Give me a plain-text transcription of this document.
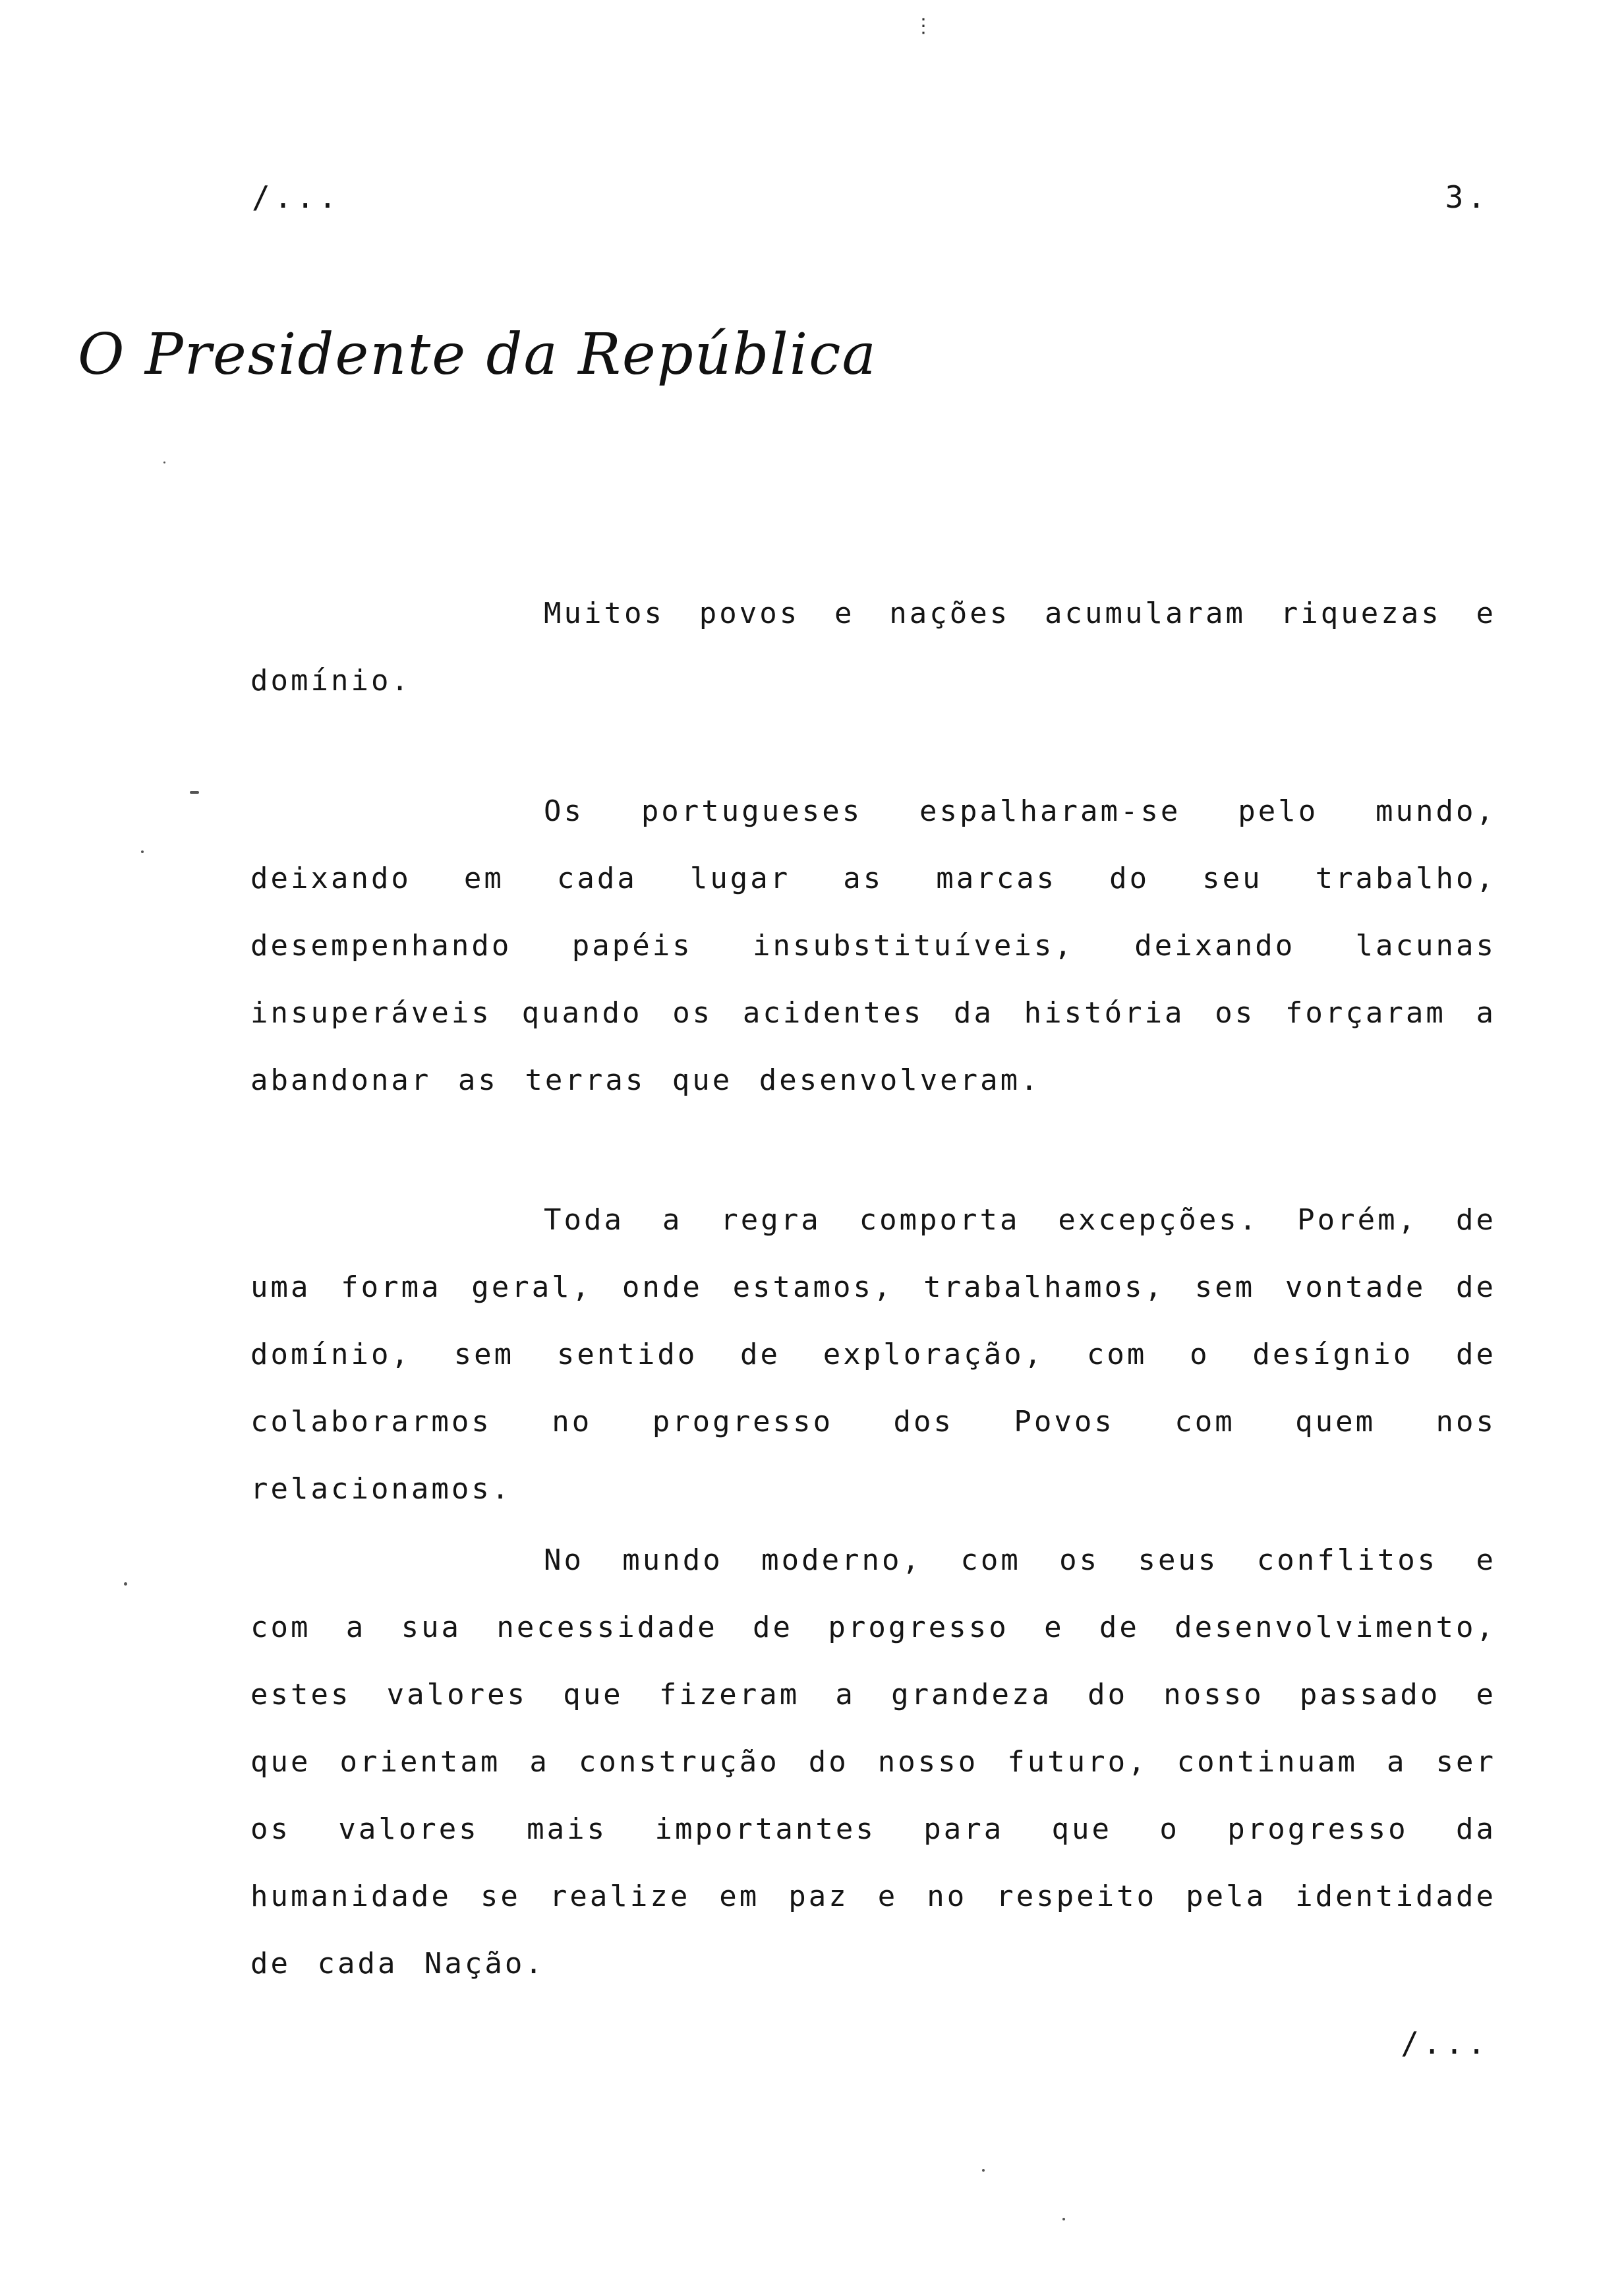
⋮
/...	3.
O Presidente da República

Muitos povos e nações acumularam riquezas e domínio.

Os portugueses espalharam-se pelo mundo, deixando em cada lugar as marcas do seu trabalho, desempenhando papéis insubstituíveis, deixando lacunas insuperáveis quando os acidentes da história os forçaram a abandonar as terras que desenvolveram.

Toda a regra comporta excepções. Porém, de uma forma geral, onde estamos, trabalhamos, sem vontade de domínio, sem sentido de exploração, com o desígnio de colaborarmos no progresso dos Povos com quem nos relacionamos.

No mundo moderno, com os seus conflitos e com a sua necessidade de progresso e de desenvolvimento, estes valores que fizeram a grandeza do nosso passado e que orientam a construção do nosso futuro, continuam a ser os valores mais importantes para que o progresso da humanidade se realize em paz e no respeito pela identidade de cada Nação.

/...
